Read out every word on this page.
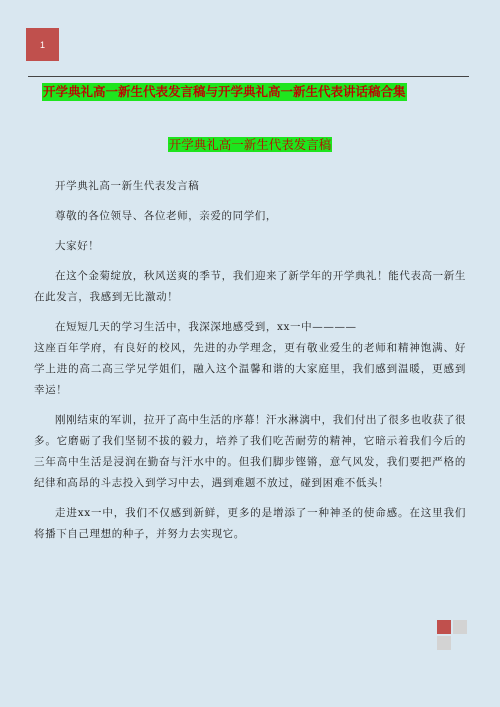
1
开学典礼高一新生代表发言稿与开学典礼高一新生代表讲话稿合集
开学典礼高一新生代表发言稿

开学典礼高一新生代表发言稿

尊敬的各位领导、各位老师，亲爱的同学们，

大家好！

在这个金菊绽放，秋风送爽的季节，我们迎来了新学年的开学典礼！能代表高一新生在此发言，我感到无比激动！

在短短几天的学习生活中，我深深地感受到，xx一中————

这座百年学府，有良好的校风，先进的办学理念，更有敬业爱生的老师和精神饱满、好学上进的高二高三学兄学姐们，融入这个温馨和谐的大家庭里，我们感到温暖，更感到幸运！

刚刚结束的军训，拉开了高中生活的序幕！汗水淋漓中，我们付出了很多也收获了很多。它磨砺了我们坚韧不拔的毅力，培养了我们吃苦耐劳的精神，它暗示着我们今后的三年高中生活是浸润在勤奋与汗水中的。但我们脚步铿锵，意气风发，我们要把严格的纪律和高昂的斗志投入到学习中去，遇到难题不放过，碰到困难不低头！

走进xx一中，我们不仅感到新鲜，更多的是增添了一种神圣的使命感。在这里我们将播下自己理想的种子，并努力去实现它。
